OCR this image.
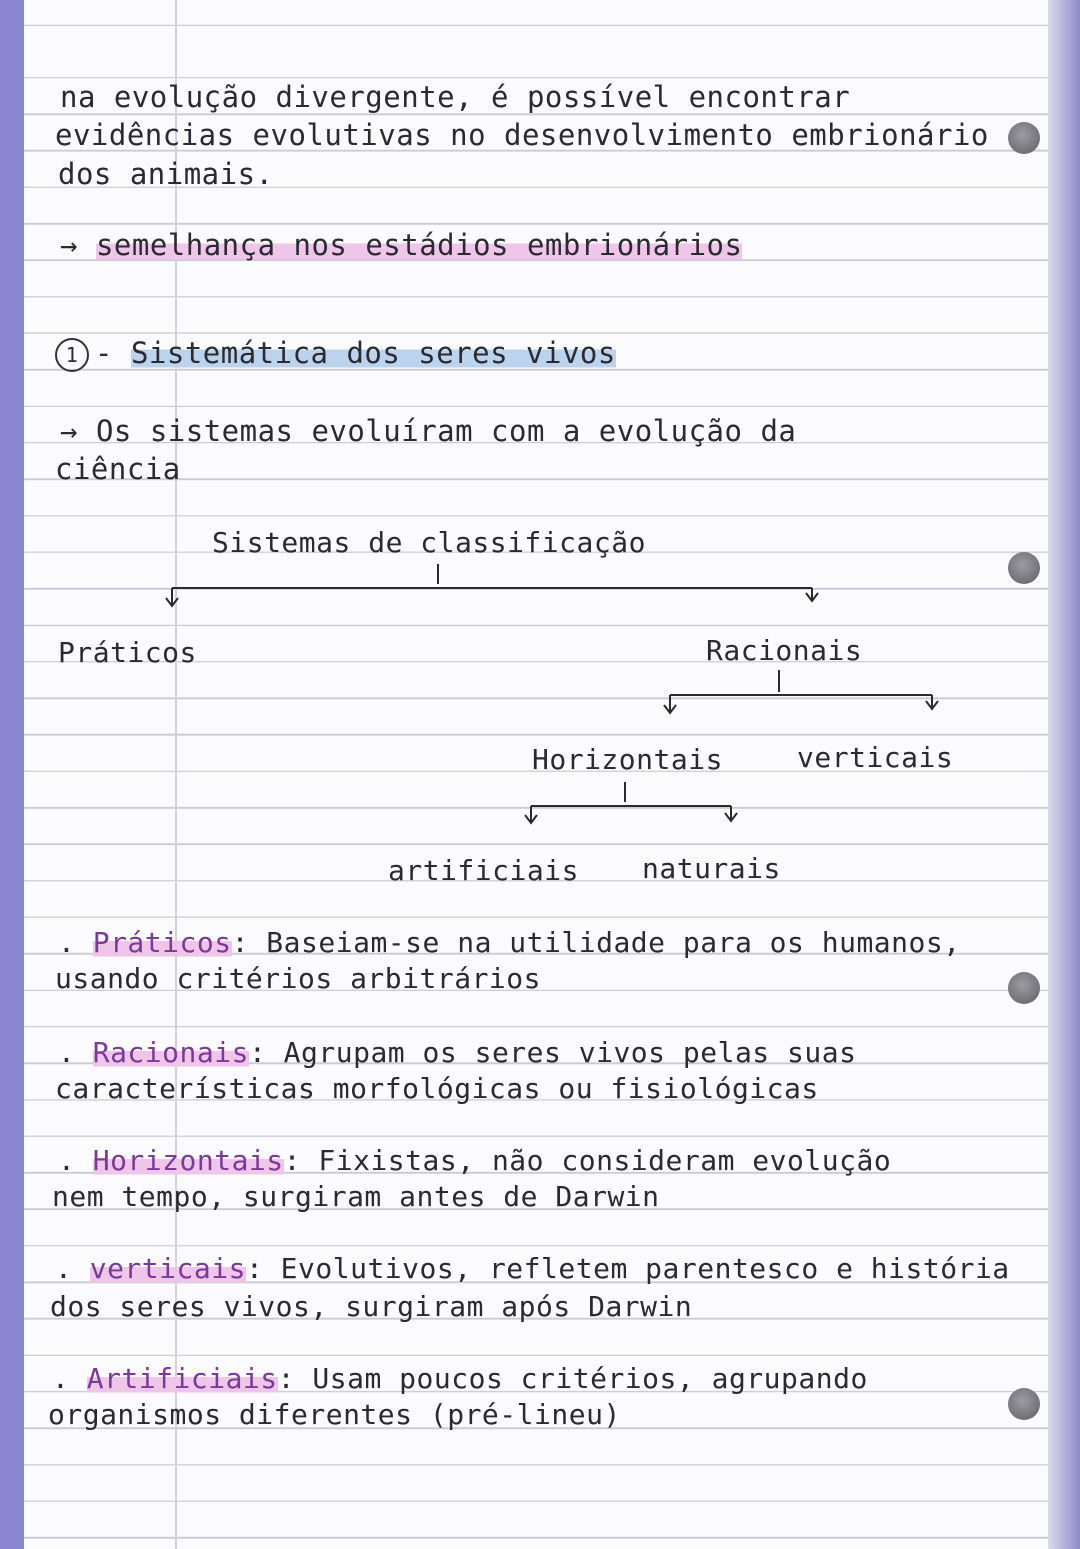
na evolução divergente, é possível encontrar

evidências evolutivas no desenvolvimento embrionário

dos animais.

→ semelhança nos estádios embrionários

1 - Sistemática dos seres vivos

→ Os sistemas evoluíram com a evolução da

ciência

Sistemas de classificação

Práticos	Racionais

Horizontais	verticais

artificiais naturais

. Práticos: Baseiam-se na utilidade para os humanos,

usando critérios arbitrários

. Racionais: Agrupam os seres vivos pelas suas

características morfológicas ou fisiológicas

. Horizontais: Fixistas, não consideram evolução

nem tempo, surgiram antes de Darwin

. verticais: Evolutivos, refletem parentesco e história

dos seres vivos, surgiram após Darwin

. Artificiais: Usam poucos critérios, agrupando

organismos diferentes (pré-lineu)
